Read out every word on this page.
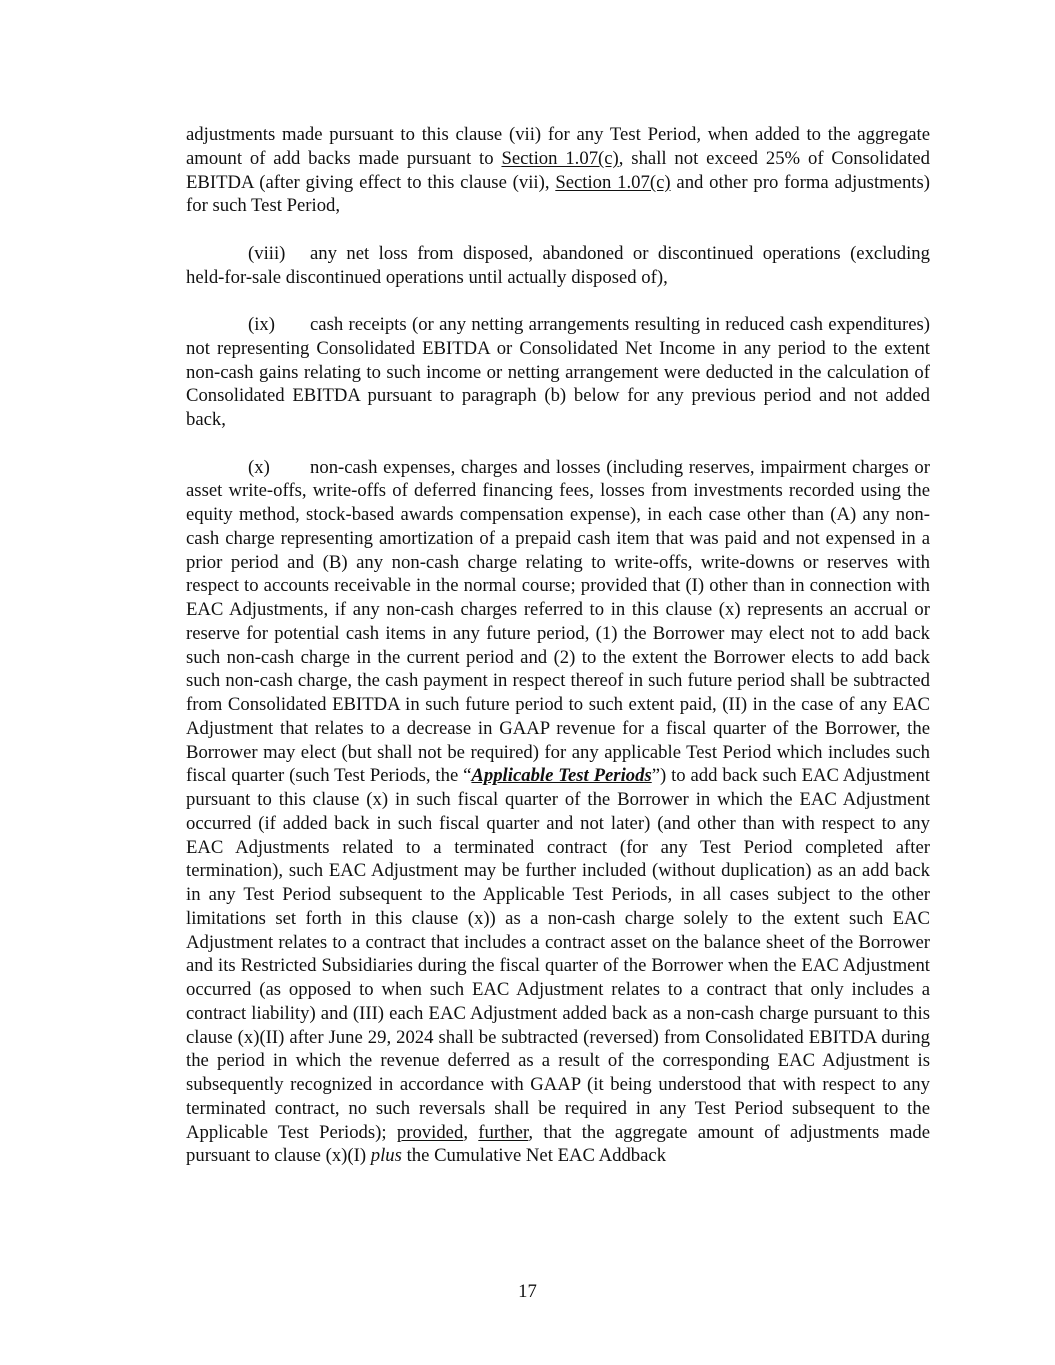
adjustments made pursuant to this clause (vii) for any Test Period, when added to the aggregate amount of add backs made pursuant to Section 1.07(c), shall not exceed 25% of Consolidated EBITDA (after giving effect to this clause (vii), Section 1.07(c) and other pro forma adjustments) for such Test Period,

(viii) any net loss from disposed, abandoned or discontinued operations (excluding held-for-sale discontinued operations until actually disposed of),

(ix) cash receipts (or any netting arrangements resulting in reduced cash expenditures) not representing Consolidated EBITDA or Consolidated Net Income in any period to the extent non-cash gains relating to such income or netting arrangement were deducted in the calculation of Consolidated EBITDA pursuant to paragraph (b) below for any previous period and not added back,

(x) non-cash expenses, charges and losses (including reserves, impairment charges or asset write-offs, write-offs of deferred financing fees, losses from investments recorded using the equity method, stock-based awards compensation expense), in each case other than (A) any non-cash charge representing amortization of a prepaid cash item that was paid and not expensed in a prior period and (B) any non-cash charge relating to write-offs, write-downs or reserves with respect to accounts receivable in the normal course; provided that (I) other than in connection with EAC Adjustments, if any non-cash charges referred to in this clause (x) represents an accrual or reserve for potential cash items in any future period, (1) the Borrower may elect not to add back such non-cash charge in the current period and (2) to the extent the Borrower elects to add back such non-cash charge, the cash payment in respect thereof in such future period shall be subtracted from Consolidated EBITDA in such future period to such extent paid, (II) in the case of any EAC Adjustment that relates to a decrease in GAAP revenue for a fiscal quarter of the Borrower, the Borrower may elect (but shall not be required) for any applicable Test Period which includes such fiscal quarter (such Test Periods, the “Applicable Test Periods”) to add back such EAC Adjustment pursuant to this clause (x) in such fiscal quarter of the Borrower in which the EAC Adjustment occurred (if added back in such fiscal quarter and not later) (and other than with respect to any EAC Adjustments related to a terminated contract (for any Test Period completed after termination), such EAC Adjustment may be further included (without duplication) as an add back in any Test Period subsequent to the Applicable Test Periods, in all cases subject to the other limitations set forth in this clause (x)) as a non-cash charge solely to the extent such EAC Adjustment relates to a contract that includes a contract asset on the balance sheet of the Borrower and its Restricted Subsidiaries during the fiscal quarter of the Borrower when the EAC Adjustment occurred (as opposed to when such EAC Adjustment relates to a contract that only includes a contract liability) and (III) each EAC Adjustment added back as a non-cash charge pursuant to this clause (x)(II) after June 29, 2024 shall be subtracted (reversed) from Consolidated EBITDA during the period in which the revenue deferred as a result of the corresponding EAC Adjustment is subsequently recognized in accordance with GAAP (it being understood that with respect to any terminated contract, no such reversals shall be required in any Test Period subsequent to the Applicable Test Periods); provided, further, that the aggregate amount of adjustments made pursuant to clause (x)(I) plus the Cumulative Net EAC Addback

17
